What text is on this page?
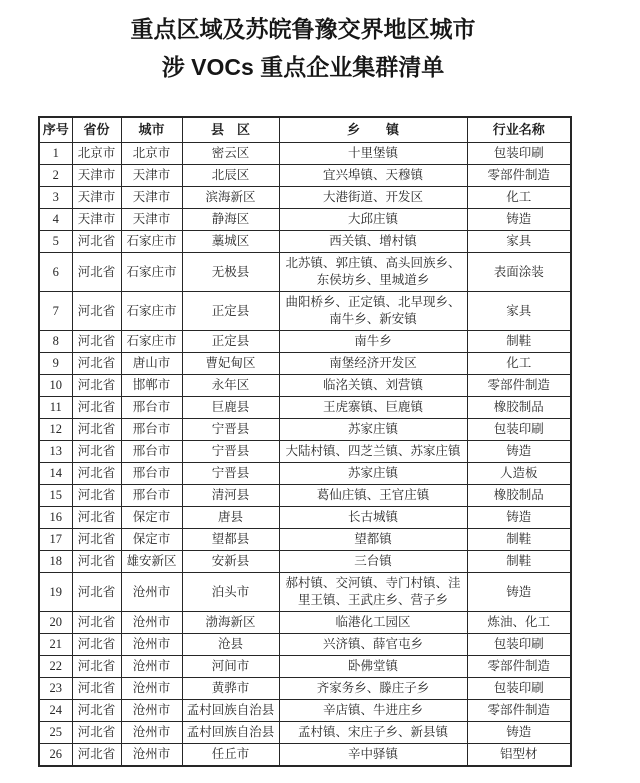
重点区域及苏皖鲁豫交界地区城市
涉 VOCs 重点企业集群清单
序号	省份	城市	县　区	乡　　镇	行业名称
1	北京市	北京市	密云区	十里堡镇	包装印刷
2	天津市	天津市	北辰区	宜兴埠镇、天穆镇	零部件制造
3	天津市	天津市	滨海新区	大港街道、开发区	化工
4	天津市	天津市	静海区	大邱庄镇	铸造
5	河北省	石家庄市	藁城区	西关镇、增村镇	家具
6	河北省	石家庄市	无极县	北苏镇、郭庄镇、高头回族乡、东侯坊乡、里城道乡	表面涂装
7	河北省	石家庄市	正定县	曲阳桥乡、正定镇、北早现乡、南牛乡、新安镇	家具
8	河北省	石家庄市	正定县	南牛乡	制鞋
9	河北省	唐山市	曹妃甸区	南堡经济开发区	化工
10	河北省	邯郸市	永年区	临洺关镇、刘营镇	零部件制造
11	河北省	邢台市	巨鹿县	王虎寨镇、巨鹿镇	橡胶制品
12	河北省	邢台市	宁晋县	苏家庄镇	包装印刷
13	河北省	邢台市	宁晋县	大陆村镇、四芝兰镇、苏家庄镇	铸造
14	河北省	邢台市	宁晋县	苏家庄镇	人造板
15	河北省	邢台市	清河县	葛仙庄镇、王官庄镇	橡胶制品
16	河北省	保定市	唐县	长古城镇	铸造
17	河北省	保定市	望都县	望都镇	制鞋
18	河北省	雄安新区	安新县	三台镇	制鞋
19	河北省	沧州市	泊头市	郝村镇、交河镇、寺门村镇、洼里王镇、王武庄乡、营子乡	铸造
20	河北省	沧州市	渤海新区	临港化工园区	炼油、化工
21	河北省	沧州市	沧县	兴济镇、薛官屯乡	包装印刷
22	河北省	沧州市	河间市	卧佛堂镇	零部件制造
23	河北省	沧州市	黄骅市	齐家务乡、滕庄子乡	包装印刷
24	河北省	沧州市	孟村回族自治县	辛店镇、牛进庄乡	零部件制造
25	河北省	沧州市	孟村回族自治县	孟村镇、宋庄子乡、新县镇	铸造
26	河北省	沧州市	任丘市	辛中驿镇	铝型材
